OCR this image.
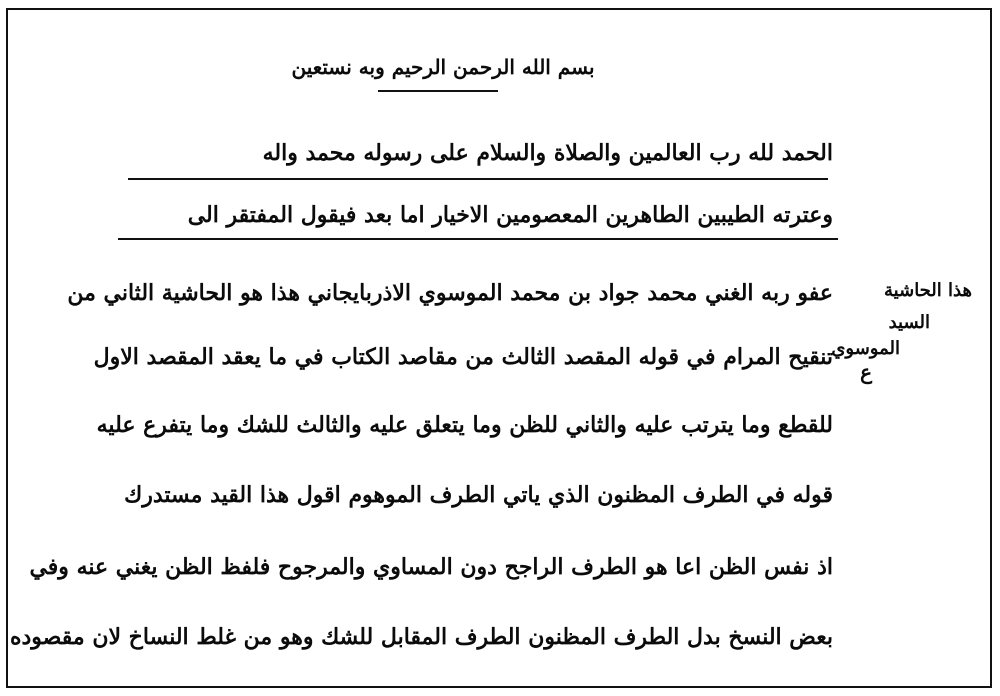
بسم الله الرحمن الرحيم وبه نستعين
الحمد لله رب العالمين والصلاة والسلام على رسوله محمد واله
وعترته الطيبين الطاهرين المعصومين الاخيار اما بعد فيقول المفتقر الى
عفو ربه الغني محمد جواد بن محمد الموسوي الاذربايجاني هذا هو الحاشية الثاني من
تنقيح المرام في قوله المقصد الثالث من مقاصد الكتاب في ما يعقد المقصد الاول
للقطع وما يترتب عليه والثاني للظن وما يتعلق عليه والثالث للشك وما يتفرع عليه
قوله في الطرف المظنون الذي ياتي الطرف الموهوم اقول هذا القيد مستدرك
اذ نفس الظن اعا هو الطرف الراجح دون المساوي والمرجوح فلفظ الظن يغني عنه وفي
بعض النسخ بدل الطرف المظنون الطرف المقابل للشك وهو من غلط النساخ لان مقصوده
هذا الحاشية
السيد
الموسوي
ع
